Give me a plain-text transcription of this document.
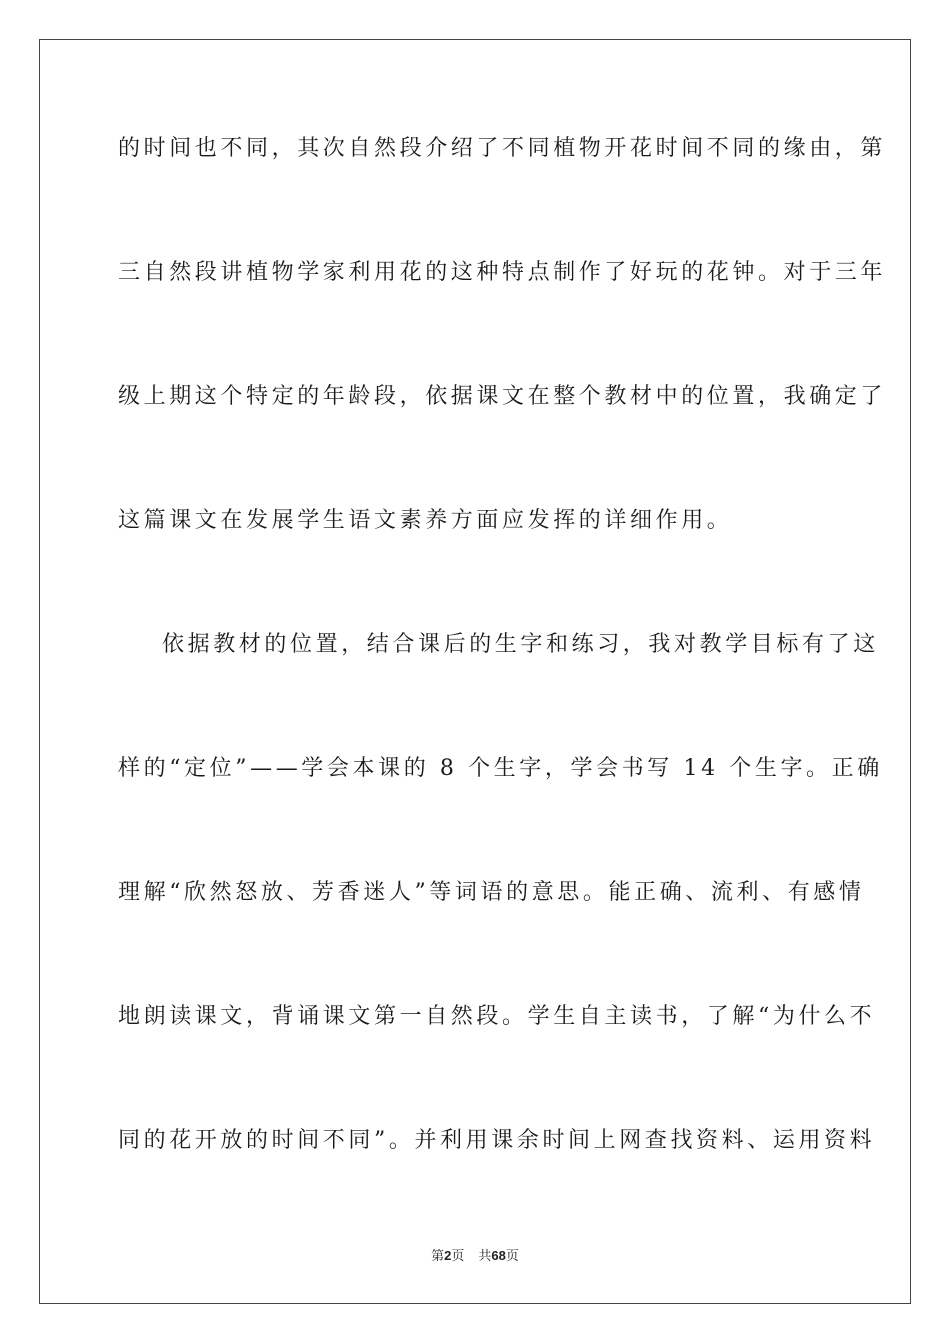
的时间也不同，其次自然段介绍了不同植物开花时间不同的缘由，第
三自然段讲植物学家利用花的这种特点制作了好玩的花钟。对于三年
级上期这个特定的年龄段，依据课文在整个教材中的位置，我确定了
这篇课文在发展学生语文素养方面应发挥的详细作用。
依据教材的位置，结合课后的生字和练习，我对教学目标有了这
样的“定位”——学会本课的 8 个生字，学会书写 14 个生字。正确
理解“欣然怒放、芳香迷人”等词语的意思。能正确、流利、有感情
地朗读课文，背诵课文第一自然段。学生自主读书，了解“为什么不
同的花开放的时间不同”。并利用课余时间上网查找资料、运用资料
第2页 共68页
